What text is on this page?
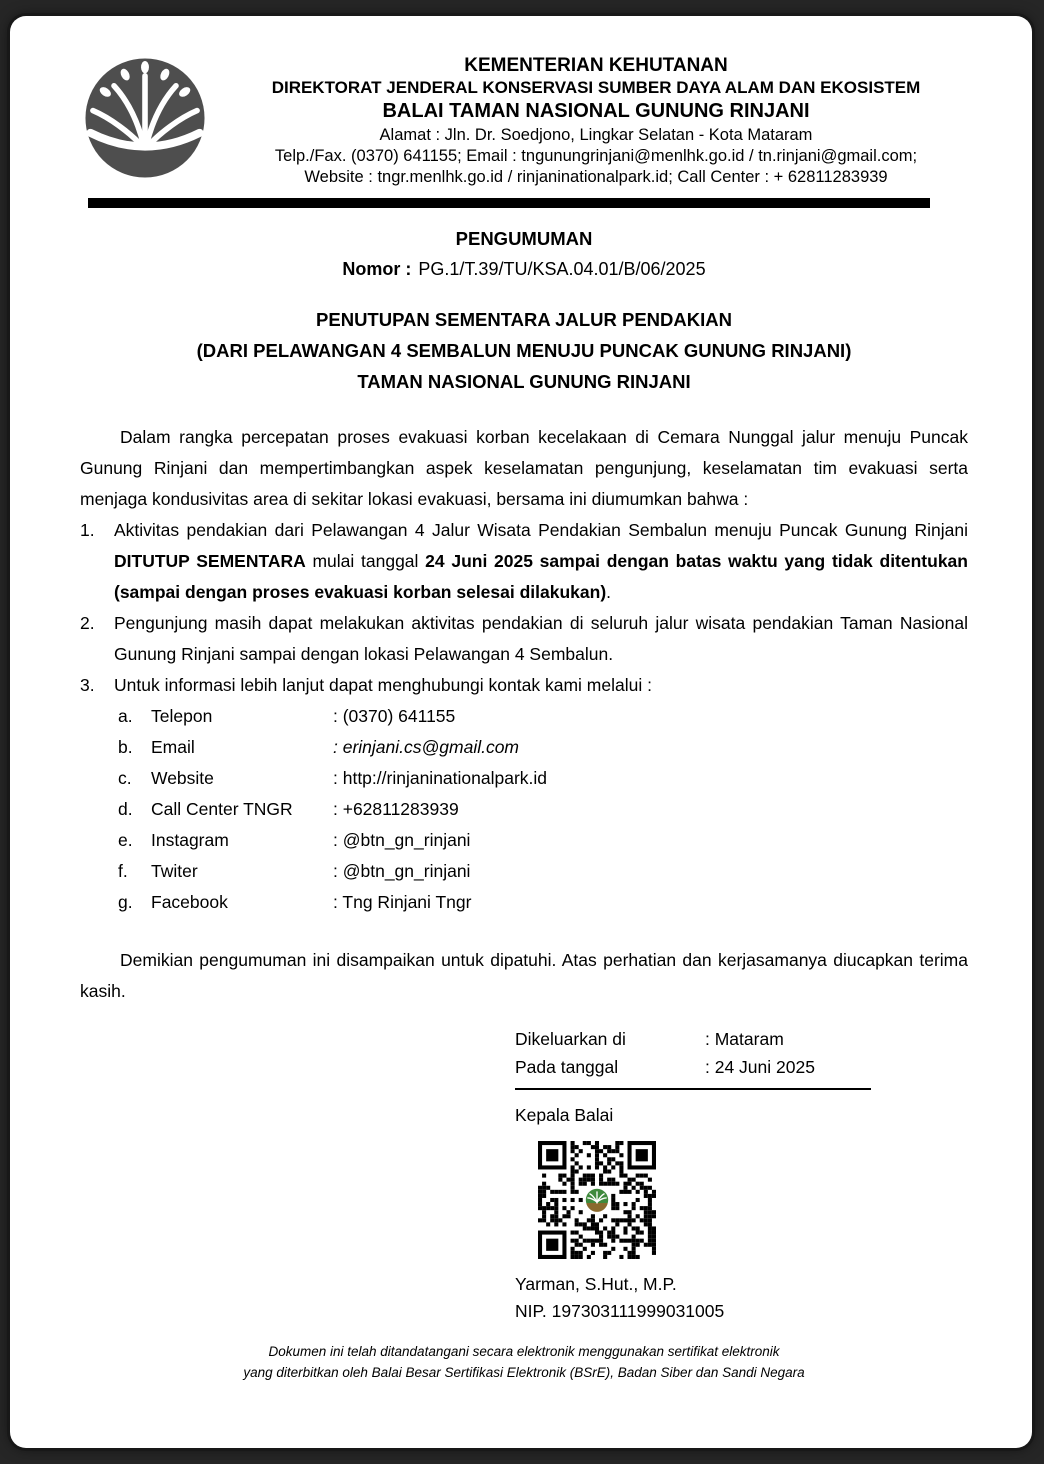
KEMENTERIAN KEHUTANAN
DIREKTORAT JENDERAL KONSERVASI SUMBER DAYA ALAM DAN EKOSISTEM
BALAI TAMAN NASIONAL GUNUNG RINJANI
Alamat : Jln. Dr. Soedjono, Lingkar Selatan - Kota Mataram
Telp./Fax. (0370) 641155; Email : tngunungrinjani@menlhk.go.id / tn.rinjani@gmail.com;
Website : tngr.menlhk.go.id / rinjaninationalpark.id; Call Center : + 62811283939
PENGUMUMAN
Nomor : PG.1/T.39/TU/KSA.04.01/B/06/2025
PENUTUPAN SEMENTARA JALUR PENDAKIAN
(DARI PELAWANGAN 4 SEMBALUN MENUJU PUNCAK GUNUNG RINJANI)
TAMAN NASIONAL GUNUNG RINJANI

Dalam rangka percepatan proses evakuasi korban kecelakaan di Cemara Nunggal jalur menuju Puncak Gunung Rinjani dan mempertimbangkan aspek keselamatan pengunjung, keselamatan tim evakuasi serta menjaga kondusivitas area di sekitar lokasi evakuasi, bersama ini diumumkan bahwa :

1.	Aktivitas pendakian dari Pelawangan 4 Jalur Wisata Pendakian Sembalun menuju Puncak Gunung Rinjani DITUTUP SEMENTARA mulai tanggal 24 Juni 2025 sampai dengan batas waktu yang tidak ditentukan (sampai dengan proses evakuasi korban selesai dilakukan).
2.	Pengunjung masih dapat melakukan aktivitas pendakian di seluruh jalur wisata pendakian Taman Nasional Gunung Rinjani sampai dengan lokasi Pelawangan 4 Sembalun.
3.	Untuk informasi lebih lanjut dapat menghubungi kontak kami melalui :
a.	Telepon	: (0370) 641155
b.	Email	: erinjani.cs@gmail.com
c.	Website	: http://rinjaninationalpark.id
d.	Call Center TNGR	: +62811283939
e.	Instagram	: @btn_gn_rinjani
f.	Twiter	: @btn_gn_rinjani
g.	Facebook	: Tng Rinjani Tngr

Demikian pengumuman ini disampaikan untuk dipatuhi. Atas perhatian dan kerjasamanya diucapkan terima kasih.

Dikeluarkan di	: Mataram
Pada tanggal	: 24 Juni 2025
Kepala Balai
Yarman, S.Hut., M.P.
NIP. 197303111999031005
Dokumen ini telah ditandatangani secara elektronik menggunakan sertifikat elektronik
yang diterbitkan oleh Balai Besar Sertifikasi Elektronik (BSrE), Badan Siber dan Sandi Negara
